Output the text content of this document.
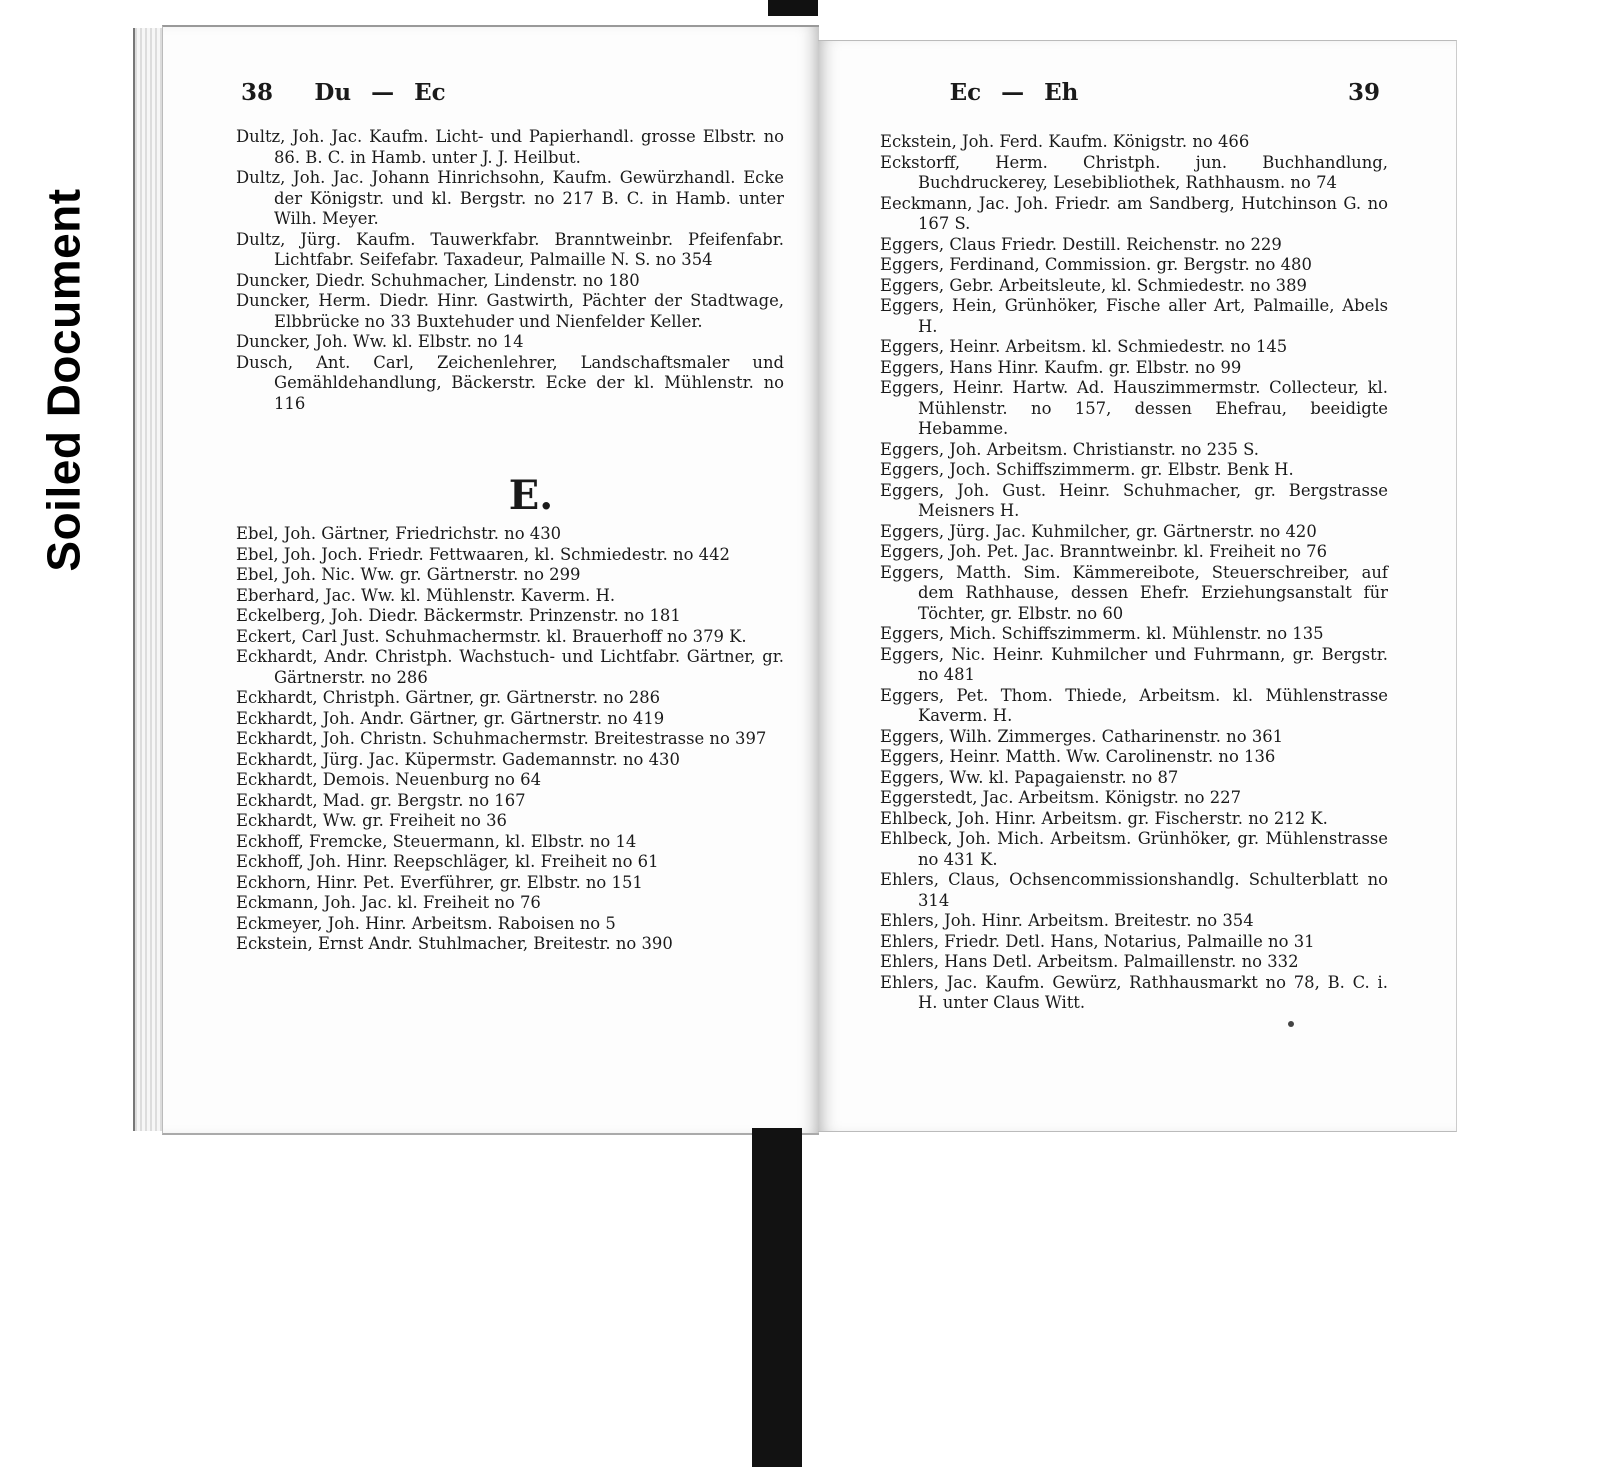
Soiled Document
38 Du — Ec

Dultz, Joh. Jac. Kaufm. Licht- und Papierhandl. grosse Elbstr. no 86. B. C. in Hamb. unter J. J. Heilbut.

Dultz, Joh. Jac. Johann Hinrichsohn, Kaufm. Gewürzhandl. Ecke der Königstr. und kl. Bergstr. no 217 B. C. in Hamb. unter Wilh. Meyer.

Dultz, Jürg. Kaufm. Tauwerkfabr. Branntweinbr. Pfeifenfabr. Lichtfabr. Seifefabr. Taxadeur, Palmaille N. S. no 354

Duncker, Diedr. Schuhmacher, Lindenstr. no 180

Duncker, Herm. Diedr. Hinr. Gastwirth, Pächter der Stadtwage, Elbbrücke no 33 Buxtehuder und Nienfelder Keller.

Duncker, Joh. Ww. kl. Elbstr. no 14

Dusch, Ant. Carl, Zeichenlehrer, Landschaftsmaler und Gemähldehandlung, Bäckerstr. Ecke der kl. Mühlenstr. no 116

E.

Ebel, Joh. Gärtner, Friedrichstr. no 430

Ebel, Joh. Joch. Friedr. Fettwaaren, kl. Schmiedestr. no 442

Ebel, Joh. Nic. Ww. gr. Gärtnerstr. no 299

Eberhard, Jac. Ww. kl. Mühlenstr. Kaverm. H.

Eckelberg, Joh. Diedr. Bäckermstr. Prinzenstr. no 181

Eckert, Carl Just. Schuhmachermstr. kl. Brauerhoff no 379 K.

Eckhardt, Andr. Christph. Wachstuch- und Lichtfabr. Gärtner, gr. Gärtnerstr. no 286

Eckhardt, Christph. Gärtner, gr. Gärtnerstr. no 286

Eckhardt, Joh. Andr. Gärtner, gr. Gärtnerstr. no 419

Eckhardt, Joh. Christn. Schuhmachermstr. Breitestrasse no 397

Eckhardt, Jürg. Jac. Küpermstr. Gademannstr. no 430

Eckhardt, Demois. Neuenburg no 64

Eckhardt, Mad. gr. Bergstr. no 167

Eckhardt, Ww. gr. Freiheit no 36

Eckhoff, Fremcke, Steuermann, kl. Elbstr. no 14

Eckhoff, Joh. Hinr. Reepschläger, kl. Freiheit no 61

Eckhorn, Hinr. Pet. Everführer, gr. Elbstr. no 151

Eckmann, Joh. Jac. kl. Freiheit no 76

Eckmeyer, Joh. Hinr. Arbeitsm. Raboisen no 5

Eckstein, Ernst Andr. Stuhlmacher, Breitestr. no 390

Ec — Eh	39

Eckstein, Joh. Ferd. Kaufm. Königstr. no 466

Eckstorff, Herm. Christph. jun. Buchhandlung, Buchdruckerey, Lesebibliothek, Rathhausm. no 74

Eeckmann, Jac. Joh. Friedr. am Sandberg, Hutchinson G. no 167 S.

Eggers, Claus Friedr. Destill. Reichenstr. no 229

Eggers, Ferdinand, Commission. gr. Bergstr. no 480

Eggers, Gebr. Arbeitsleute, kl. Schmiedestr. no 389

Eggers, Hein, Grünhöker, Fische aller Art, Palmaille, Abels H.

Eggers, Heinr. Arbeitsm. kl. Schmiedestr. no 145

Eggers, Hans Hinr. Kaufm. gr. Elbstr. no 99

Eggers, Heinr. Hartw. Ad. Hauszimmermstr. Collecteur, kl. Mühlenstr. no 157, dessen Ehefrau, beeidigte Hebamme.

Eggers, Joh. Arbeitsm. Christianstr. no 235 S.

Eggers, Joch. Schiffszimmerm. gr. Elbstr. Benk H.

Eggers, Joh. Gust. Heinr. Schuhmacher, gr. Bergstrasse Meisners H.

Eggers, Jürg. Jac. Kuhmilcher, gr. Gärtnerstr. no 420

Eggers, Joh. Pet. Jac. Branntweinbr. kl. Freiheit no 76

Eggers, Matth. Sim. Kämmereibote, Steuerschreiber, auf dem Rathhause, dessen Ehefr. Erziehungsanstalt für Töchter, gr. Elbstr. no 60

Eggers, Mich. Schiffszimmerm. kl. Mühlenstr. no 135

Eggers, Nic. Heinr. Kuhmilcher und Fuhrmann, gr. Bergstr. no 481

Eggers, Pet. Thom. Thiede, Arbeitsm. kl. Mühlenstrasse Kaverm. H.

Eggers, Wilh. Zimmerges. Catharinenstr. no 361

Eggers, Heinr. Matth. Ww. Carolinenstr. no 136

Eggers, Ww. kl. Papagaienstr. no 87

Eggerstedt, Jac. Arbeitsm. Königstr. no 227

Ehlbeck, Joh. Hinr. Arbeitsm. gr. Fischerstr. no 212 K.

Ehlbeck, Joh. Mich. Arbeitsm. Grünhöker, gr. Mühlenstrasse no 431 K.

Ehlers, Claus, Ochsencommissionshandlg. Schulterblatt no 314

Ehlers, Joh. Hinr. Arbeitsm. Breitestr. no 354

Ehlers, Friedr. Detl. Hans, Notarius, Palmaille no 31

Ehlers, Hans Detl. Arbeitsm. Palmaillenstr. no 332

Ehlers, Jac. Kaufm. Gewürz, Rathhausmarkt no 78, B. C. i. H. unter Claus Witt.
